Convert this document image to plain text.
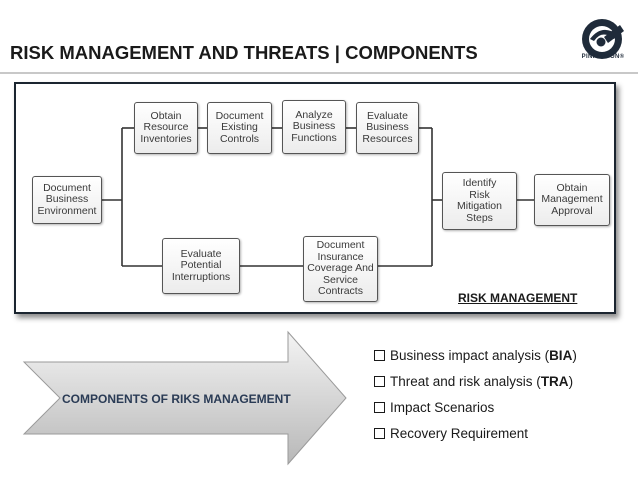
RISK MANAGEMENT AND THREATS | COMPONENTS	PINKERTON®
Document
Business
Environment
Obtain
Resource
Inventories
Document
Existing
Controls
Analyze
Business
Functions
Evaluate
Business
Resources
Evaluate
Potential
Interruptions
Document
Insurance
Coverage And
Service
Contracts
Identify
Risk
Mitigation
Steps
Obtain
Management
Approval
RISK MANAGEMENT
COMPONENTS OF RIKS MANAGEMENT
Business impact analysis (BIA)
Threat and risk analysis (TRA)
Impact Scenarios
Recovery Requirement
